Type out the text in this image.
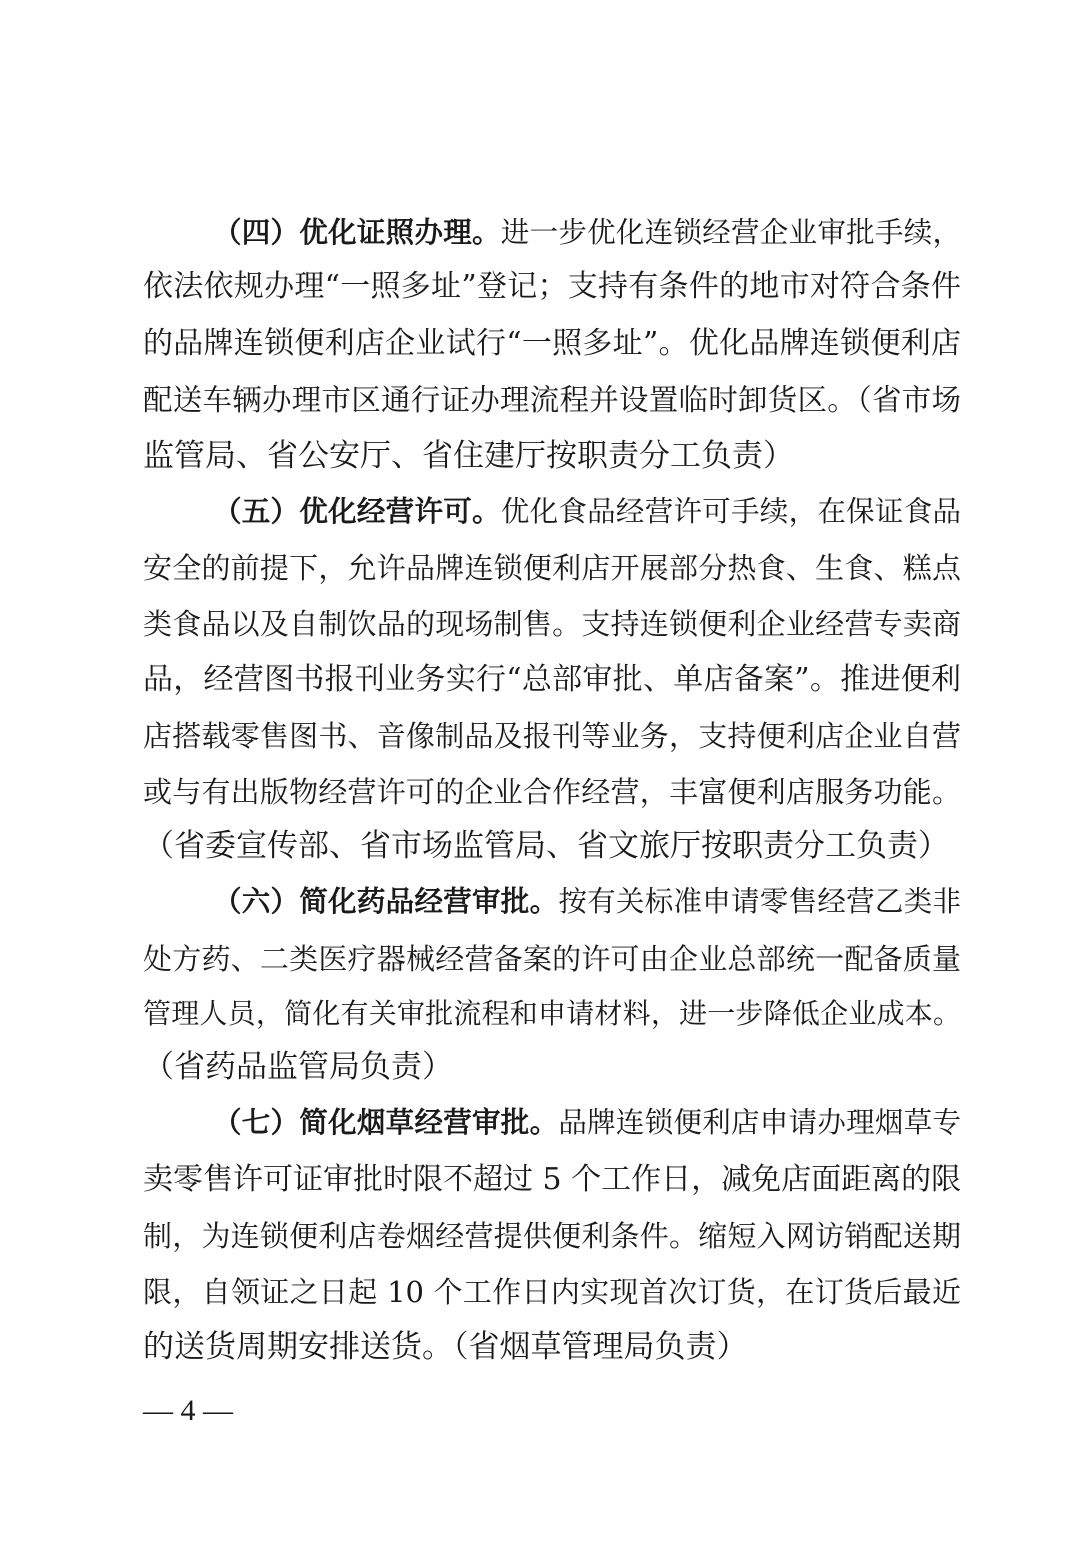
（四）优化证照办理。进一步优化连锁经营企业审批手续，
依法依规办理“一照多址”登记；支持有条件的地市对符合条件
的品牌连锁便利店企业试行“一照多址”。优化品牌连锁便利店
配送车辆办理市区通行证办理流程并设置临时卸货区。（省市场
监管局、省公安厅、省住建厅按职责分工负责）
（五）优化经营许可。优化食品经营许可手续，在保证食品
安全的前提下，允许品牌连锁便利店开展部分热食、生食、糕点
类食品以及自制饮品的现场制售。支持连锁便利企业经营专卖商
品，经营图书报刊业务实行“总部审批、单店备案”。推进便利
店搭载零售图书、音像制品及报刊等业务，支持便利店企业自营
或与有出版物经营许可的企业合作经营，丰富便利店服务功能。
（省委宣传部、省市场监管局、省文旅厅按职责分工负责）
（六）简化药品经营审批。按有关标准申请零售经营乙类非
处方药、二类医疗器械经营备案的许可由企业总部统一配备质量
管理人员，简化有关审批流程和申请材料，进一步降低企业成本。
（省药品监管局负责）
（七）简化烟草经营审批。品牌连锁便利店申请办理烟草专
卖零售许可证审批时限不超过 5 个工作日，减免店面距离的限
制，为连锁便利店卷烟经营提供便利条件。缩短入网访销配送期
限，自领证之日起 10 个工作日内实现首次订货，在订货后最近
的送货周期安排送货。（省烟草管理局负责）
— 4 —
